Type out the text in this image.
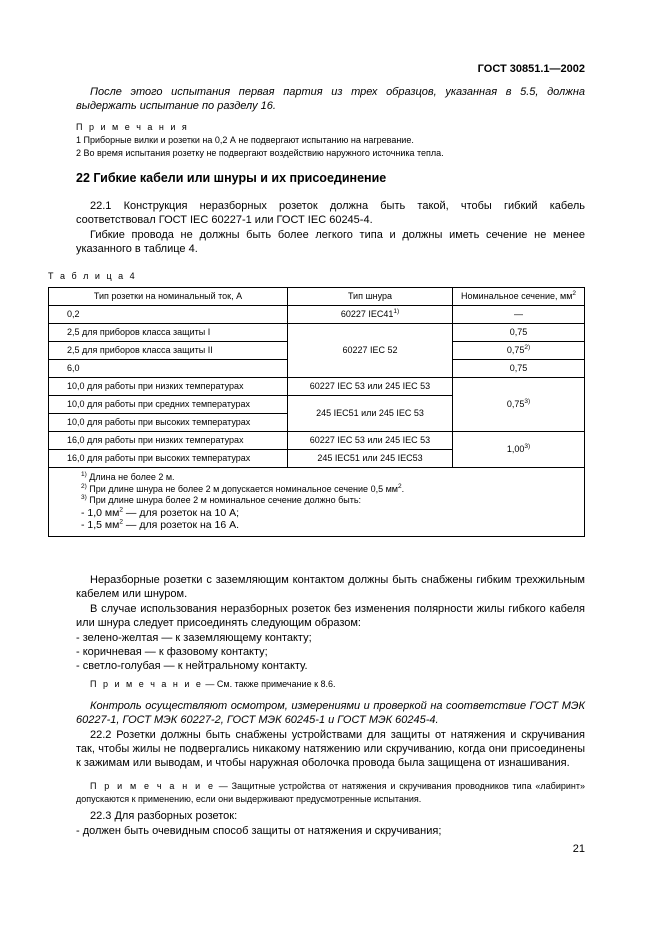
ГОСТ 30851.1—2002
После этого испытания первая партия из трех образцов, указанная в 5.5, должна выдержать испытание по разделу 16.
П р и м е ч а н и я
1 Приборные вилки и розетки на 0,2 А не подвергают испытанию на нагревание.
2 Во время испытания розетку не подвергают воздействию наружного источника тепла.
22 Гибкие кабели или шнуры и их присоединение
22.1 Конструкция неразборных розеток должна быть такой, чтобы гибкий кабель соответствовал ГОСТ IEC 60227-1 или ГОСТ IEC 60245-4.
Гибкие провода не должны быть более легкого типа и должны иметь сечение не менее указанного в таблице 4.
Т а б л и ц а 4
Тип розетки на номинальный ток, А	Тип шнура	Номинальное сечение, $мм^2$
0,2	60227 IEC41$^{1)}$	—
2,5 для приборов класса защиты I	60227 IEC 52	0,75
2,5 для приборов класса защиты II		0,75$^{2)}$
6,0		0,75
10,0 для работы при низких температурах	60227 IEC 53 или 245 IEC 53	0,75$^{3)}$
10,0 для работы при средних температурах	245 IEC51 или 245 IEC 53	
10,0 для работы при высоких температурах		
16,0 для работы при низких температурах	60227 IEC 53 или 245 IEC 53	1,00$^{3)}$
16,0 для работы при высоких температурах	245 IEC51 или 245 IEC53	

$^{1)}$ Длина не более 2 м.
$^{2)}$ При длине шнура не более 2 м допускается номинальное сечение 0,5 $мм^2$.
$^{3)}$ При длине шнура более 2 м номинальное сечение должно быть:
- 1,0 $мм^2$ — для розеток на 10 А;
- 1,5 $мм^2$ — для розеток на 16 А.		
Неразборные розетки с заземляющим контактом должны быть снабжены гибким трехжильным кабелем или шнуром.
В случае использования неразборных розеток без изменения полярности жилы гибкого кабеля или шнура следует присоединять следующим образом:
- зелено-желтая — к заземляющему контакту;
- коричневая — к фазовому контакту;
- светло-голубая — к нейтральному контакту.
П р и м е ч а н и е — См. также примечание к 8.6.
Контроль осуществляют осмотром, измерениями и проверкой на соответствие ГОСТ МЭК 60227-1, ГОСТ МЭК 60227-2, ГОСТ МЭК 60245-1 и ГОСТ МЭК 60245-4.
22.2 Розетки должны быть снабжены устройствами для защиты от натяжения и скручивания так, чтобы жилы не подвергались никакому натяжению или скручиванию, когда они присоединены к зажимам или выводам, и чтобы наружная оболочка провода была защищена от изнашивания.
П р и м е ч а н и е — Защитные устройства от натяжения и скручивания проводников типа «лабиринт» допускаются к применению, если они выдерживают предусмотренные испытания.
22.3 Для разборных розеток:
- должен быть очевидным способ защиты от натяжения и скручивания;
21
